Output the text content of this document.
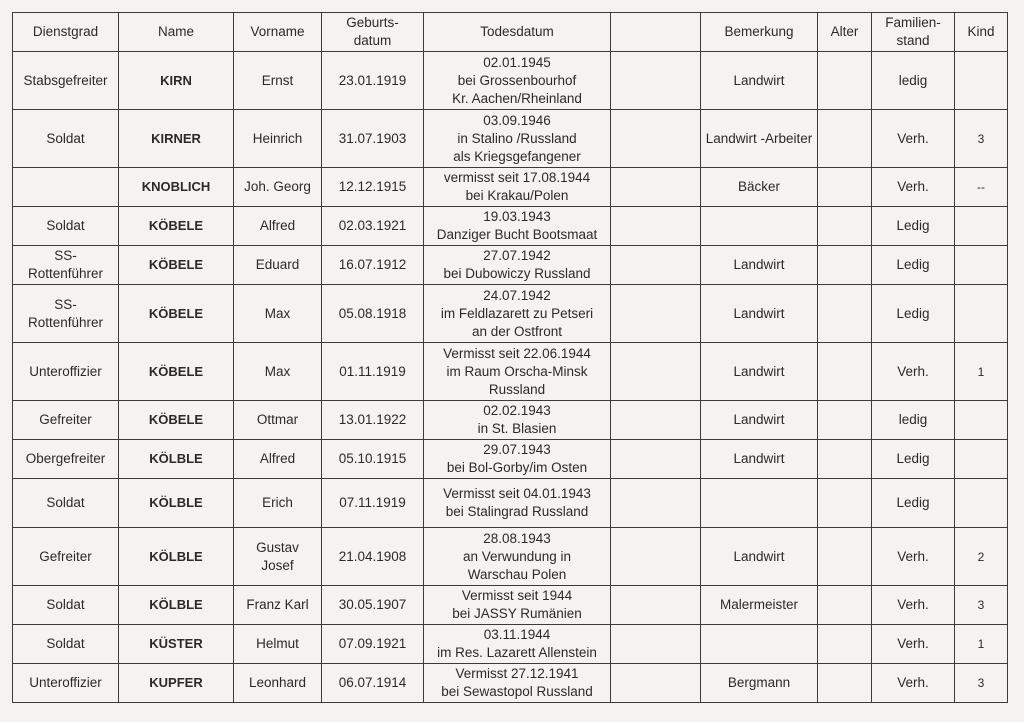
Dienstgrad	Name	Vorname	Geburts-
datum	Todesdatum		Bemerkung	Alter	Familien-
stand	Kind
Stabsgefreiter	KIRN	Ernst	23.01.1919	02.01.1945
bei Grossenbourhof
Kr. Aachen/Rheinland		Landwirt		ledig	
Soldat	KIRNER	Heinrich	31.07.1903	03.09.1946
in Stalino /Russland
als Kriegsgefangener		Landwirt -Arbeiter		Verh.	3
	KNOBLICH	Joh. Georg	12.12.1915	vermisst seit 17.08.1944
bei Krakau/Polen		Bäcker		Verh.	--
Soldat	KÖBELE	Alfred	02.03.1921	19.03.1943
Danziger Bucht Bootsmaat				Ledig	
SS-
Rottenführer	KÖBELE	Eduard	16.07.1912	27.07.1942
bei Dubowiczy Russland		Landwirt		Ledig	
SS-
Rottenführer	KÖBELE	Max	05.08.1918	24.07.1942
im Feldlazarett zu Petseri
an der Ostfront		Landwirt		Ledig	
Unteroffizier	KÖBELE	Max	01.11.1919	Vermisst seit 22.06.1944
im Raum Orscha-Minsk
Russland		Landwirt		Verh.	1
Gefreiter	KÖBELE	Ottmar	13.01.1922	02.02.1943
in St. Blasien		Landwirt		ledig	
Obergefreiter	KÖLBLE	Alfred	05.10.1915	29.07.1943
bei Bol-Gorby/im Osten		Landwirt		Ledig	
Soldat	KÖLBLE	Erich	07.11.1919	Vermisst seit 04.01.1943
bei Stalingrad Russland				Ledig	
Gefreiter	KÖLBLE	Gustav
Josef	21.04.1908	28.08.1943
an Verwundung in
Warschau Polen		Landwirt		Verh.	2
Soldat	KÖLBLE	Franz Karl	30.05.1907	Vermisst seit 1944
bei JASSY Rumänien		Malermeister		Verh.	3
Soldat	KÜSTER	Helmut	07.09.1921	03.11.1944
im Res. Lazarett Allenstein				Verh.	1
Unteroffizier	KUPFER	Leonhard	06.07.1914	Vermisst 27.12.1941
bei Sewastopol Russland		Bergmann		Verh.	3
